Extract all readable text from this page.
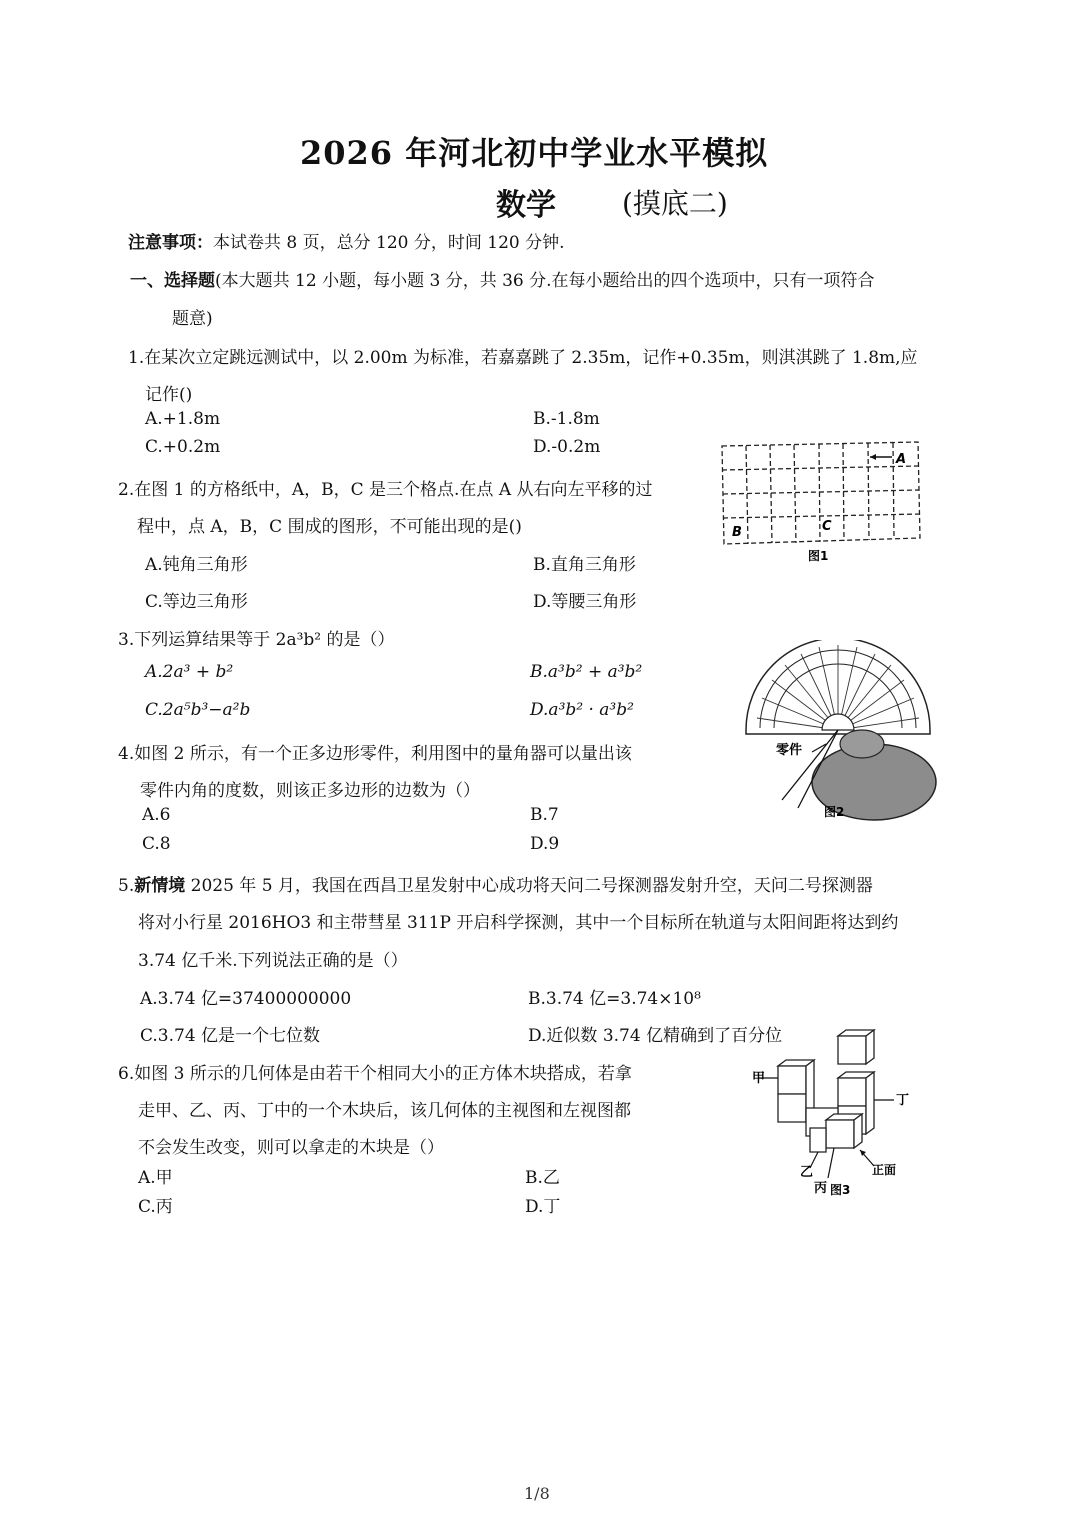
2026 年河北初中学业水平模拟
数学 (摸底二)
注意事项：本试卷共 8 页，总分 120 分，时间 120 分钟.
一、选择题(本大题共 12 小题，每小题 3 分，共 36 分.在每小题给出的四个选项中，只有一项符合
题意)
1.在某次立定跳远测试中，以 2.00m 为标准，若嘉嘉跳了 2.35m，记作+0.35m，则淇淇跳了 1.8m,应
记作()
A.+1.8m	B.-1.8m
C.+0.2m	D.-0.2m
2.在图 1 的方格纸中，A，B，C 是三个格点.在点 A 从右向左平移的过
程中，点 A，B，C 围成的图形，不可能出现的是()
A.钝角三角形	B.直角三角形
C.等边三角形	D.等腰三角形
A
B	C
图1
3.下列运算结果等于 2a³b² 的是（）
A.2a³ + b²	B.a³b² + a³b²
C.2a⁵b³−a²b	D.a³b² · a³b²
零件
图2
4.如图 2 所示，有一个正多边形零件，利用图中的量角器可以量出该
零件内角的度数，则该正多边形的边数为（）
A.6	B.7
C.8	D.9
5.新情境 2025 年 5 月，我国在西昌卫星发射中心成功将天问二号探测器发射升空，天问二号探测器
将对小行星 2016HO3 和主带彗星 311P 开启科学探测，其中一个目标所在轨道与太阳间距将达到约
3.74 亿千米.下列说法正确的是（）
A.3.74 亿=37400000000	B.3.74 亿=3.74×10⁸
C.3.74 亿是一个七位数	D.近似数 3.74 亿精确到了百分位
甲
乙
丙
丁
正面
图3
6.如图 3 所示的几何体是由若干个相同大小的正方体木块搭成，若拿
走甲、乙、丙、丁中的一个木块后，该几何体的主视图和左视图都
不会发生改变，则可以拿走的木块是（）
A.甲	B.乙
C.丙	D.丁
1/8
